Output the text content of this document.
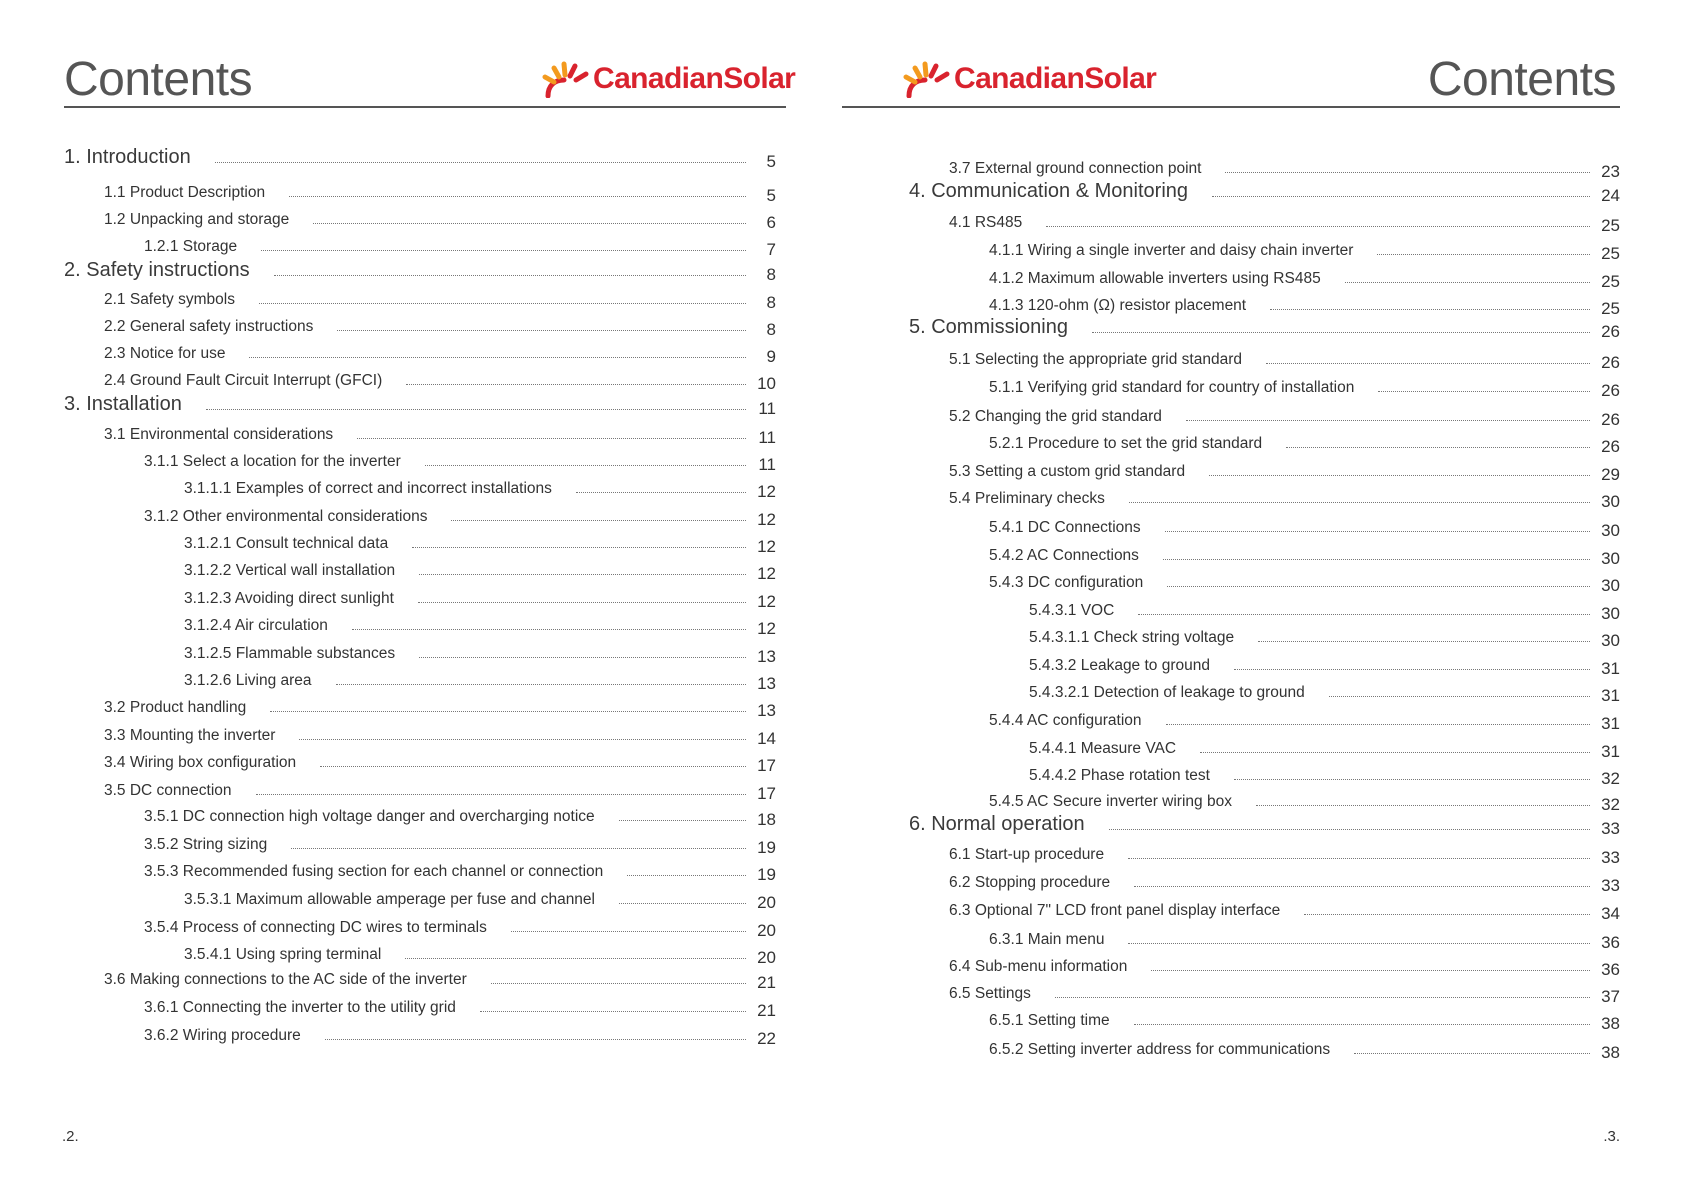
Contents	CanadianSolar
1. Introduction	5
1.1 Product Description	5
1.2 Unpacking and storage	6
1.2.1 Storage	7
2. Safety instructions	8
2.1 Safety symbols	8
2.2 General safety instructions	8
2.3 Notice for use	9
2.4 Ground Fault Circuit Interrupt (GFCI)	10
3. Installation	11
3.1 Environmental considerations	11
3.1.1 Select a location for the inverter	11
3.1.1.1 Examples of correct and incorrect installations	12
3.1.2 Other environmental considerations	12
3.1.2.1 Consult technical data	12
3.1.2.2 Vertical wall installation	12
3.1.2.3 Avoiding direct sunlight	12
3.1.2.4 Air circulation	12
3.1.2.5 Flammable substances	13
3.1.2.6 Living area	13
3.2 Product handling	13
3.3 Mounting the inverter	14
3.4 Wiring box configuration	17
3.5 DC connection	17
3.5.1 DC connection high voltage danger and overcharging notice	18
3.5.2 String sizing	19
3.5.3 Recommended fusing section for each channel or connection	19
3.5.3.1 Maximum allowable amperage per fuse and channel	20
3.5.4 Process of connecting DC wires to terminals	20
3.5.4.1 Using spring terminal	20
3.6 Making connections to the AC side of the inverter	21
3.6.1 Connecting the inverter to the utility grid	21
3.6.2 Wiring procedure	22
.2.
CanadianSolar	Contents
3.7 External ground connection point	23
4. Communication & Monitoring	24
4.1 RS485	25
4.1.1 Wiring a single inverter and daisy chain inverter	25
4.1.2 Maximum allowable inverters using RS485	25
4.1.3 120-ohm (Ω) resistor placement	25
5. Commissioning	26
5.1 Selecting the appropriate grid standard	26
5.1.1 Verifying grid standard for country of installation	26
5.2 Changing the grid standard	26
5.2.1 Procedure to set the grid standard	26
5.3 Setting a custom grid standard	29
5.4 Preliminary checks	30
5.4.1 DC Connections	30
5.4.2 AC Connections	30
5.4.3 DC configuration	30
5.4.3.1 VOC	30
5.4.3.1.1 Check string voltage	30
5.4.3.2 Leakage to ground	31
5.4.3.2.1 Detection of leakage to ground	31
5.4.4 AC configuration	31
5.4.4.1 Measure VAC	31
5.4.4.2 Phase rotation test	32
5.4.5 AC Secure inverter wiring box	32
6. Normal operation	33
6.1 Start-up procedure	33
6.2 Stopping procedure	33
6.3 Optional 7" LCD front panel display interface	34
6.3.1 Main menu	36
6.4 Sub-menu information	36
6.5 Settings	37
6.5.1 Setting time	38
6.5.2 Setting inverter address for communications	38
.3.
